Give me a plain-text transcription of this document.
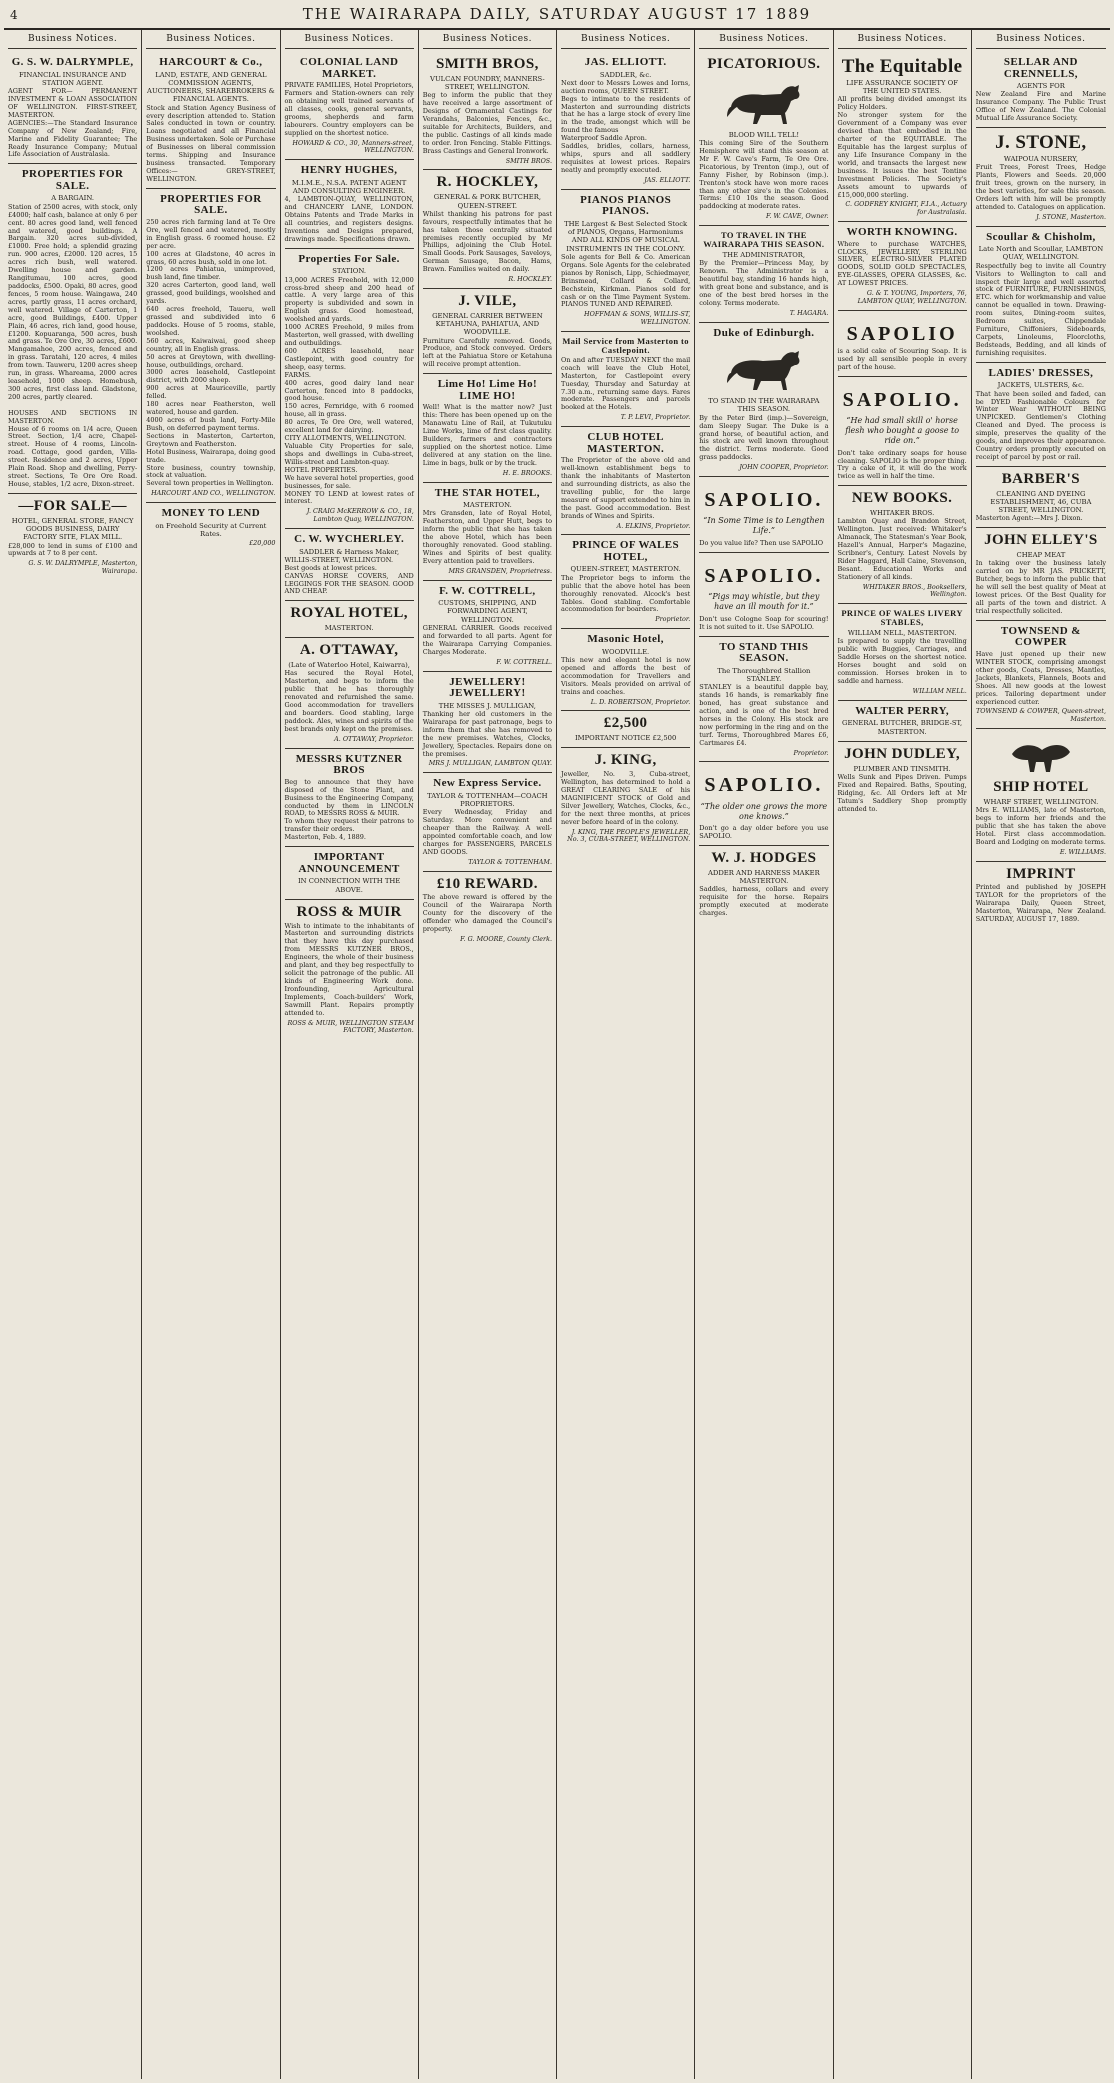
4	THE WAIRARAPA DAILY, SATURDAY AUGUST 17 1889
Business Notices.
G. S. W. DALRYMPLE,
FINANCIAL INSURANCE AND STATION AGENT.
AGENT FOR— PERMANENT INVESTMENT & LOAN ASSOCIATION OF WELLINGTON. FIRST-STREET, MASTERTON.
AGENCIES:—The Standard Insurance Company of New Zealand; Fire, Marine and Fidelity Guarantee; The Ready Insurance Company; Mutual Life Association of Australasia.
PROPERTIES FOR SALE.
A BARGAIN.
Station of 2500 acres, with stock, only £4000; half cash, balance at only 6 per cent. 80 acres good land, well fenced and watered, good buildings. A Bargain. 320 acres sub-divided, £1000. Free hold; a splendid grazing run. 900 acres, £2000. 120 acres, 15 acres rich bush, well watered. Dwelling house and garden. Rangitumau, 100 acres, good paddocks, £500. Opaki, 80 acres, good fences, 5 room house. Waingawa, 240 acres, partly grass, 11 acres orchard, well watered. Village of Carterton, 1 acre, good Buildings, £400. Upper Plain, 46 acres, rich land, good house, £1200. Kopuaranga, 500 acres, bush and grass. Te Ore Ore, 30 acres, £600. Mangamahoe, 200 acres, fenced and in grass. Taratahi, 120 acres, 4 miles from town. Tauweru, 1200 acres sheep run, in grass. Whareama, 2000 acres leasehold, 1000 sheep. Homebush, 300 acres, first class land. Gladstone, 200 acres, partly cleared.

HOUSES AND SECTIONS IN MASTERTON.
House of 6 rooms on 1/4 acre, Queen Street. Section, 1/4 acre, Chapel-street. House of 4 rooms, Lincoln-road. Cottage, good garden, Villa-street. Residence and 2 acres, Upper Plain Road. Shop and dwelling, Perry-street. Sections, Te Ore Ore Road. House, stables, 1/2 acre, Dixon-street.
—FOR SALE—
HOTEL, GENERAL STORE, FANCY GOODS BUSINESS, DAIRY FACTORY SITE, FLAX MILL.
£28,000 to lend in sums of £100 and upwards at 7 to 8 per cent.
G. S. W. DALRYMPLE, Masterton, Wairarapa.
Business Notices.
HARCOURT & Co.,
LAND, ESTATE, AND GENERAL COMMISSION AGENTS, AUCTIONEERS, SHAREBROKERS & FINANCIAL AGENTS.
Stock and Station Agency Business of every description attended to. Station Sales conducted in town or country. Loans negotiated and all Financial Business undertaken. Sole or Purchase of Businesses on liberal commission terms. Shipping and Insurance business transacted. Temporary Offices:— GREY-STREET, WELLINGTON.
PROPERTIES FOR SALE.
250 acres rich farming land at Te Ore Ore, well fenced and watered, mostly in English grass. 6 roomed house. £2 per acre.
100 acres at Gladstone, 40 acres in grass, 60 acres bush, sold in one lot.
1200 acres Pahiatua, unimproved, bush land, fine timber.
320 acres Carterton, good land, well grassed, good buildings, woolshed and yards.
640 acres freehold, Taueru, well grassed and subdivided into 6 paddocks. House of 5 rooms, stable, woolshed.
560 acres, Kaiwaiwai, good sheep country, all in English grass.
50 acres at Greytown, with dwelling-house, outbuildings, orchard.
3000 acres leasehold, Castlepoint district, with 2000 sheep.
900 acres at Mauriceville, partly felled.
180 acres near Featherston, well watered, house and garden.
4000 acres of bush land, Forty-Mile Bush, on deferred payment terms.
Sections in Masterton, Carterton, Greytown and Featherston.
Hotel Business, Wairarapa, doing good trade.
Store business, country township, stock at valuation.
Several town properties in Wellington.
HARCOURT AND CO., WELLINGTON.
MONEY TO LEND
on Freehold Security at Current Rates.
£20,000
Business Notices.
COLONIAL LAND MARKET.
PRIVATE FAMILIES, Hotel Proprietors, Farmers and Station-owners can rely on obtaining well trained servants of all classes, cooks, general servants, grooms, shepherds and farm labourers. Country employers can be supplied on the shortest notice.
HOWARD & CO., 30, Manners-street, WELLINGTON.
HENRY HUGHES,
M.I.M.E., N.S.A. PATENT AGENT AND CONSULTING ENGINEER.
4, LAMBTON-QUAY, WELLINGTON, and CHANCERY LANE, LONDON. Obtains Patents and Trade Marks in all countries, and registers designs. Inventions and Designs prepared, drawings made. Specifications drawn.
Properties For Sale.
STATION.
13,000 ACRES Freehold, with 12,000 cross-bred sheep and 200 head of cattle. A very large area of this property is subdivided and sown in English grass. Good homestead, woolshed and yards.
1000 ACRES Freehold, 9 miles from Masterton, well grassed, with dwelling and outbuildings.
600 ACRES leasehold, near Castlepoint, with good country for sheep, easy terms.
FARMS.
400 acres, good dairy land near Carterton, fenced into 8 paddocks, good house.
150 acres, Fernridge, with 6 roomed house, all in grass.
80 acres, Te Ore Ore, well watered, excellent land for dairying.
CITY ALLOTMENTS, WELLINGTON.
Valuable City Properties for sale, shops and dwellings in Cuba-street, Willis-street and Lambton-quay.
HOTEL PROPERTIES.
We have several hotel properties, good businesses, for sale.
MONEY TO LEND at lowest rates of interest.
J. CRAIG McKERROW & CO., 18, Lambton Quay, WELLINGTON.
C. W. WYCHERLEY.
SADDLER & Harness Maker,
WILLIS-STREET, WELLINGTON.
Best goods at lowest prices.
CANVAS HORSE COVERS, AND LEGGINGS FOR THE SEASON. GOOD AND CHEAP.
ROYAL HOTEL,
MASTERTON.
A. OTTAWAY,
(Late of Waterloo Hotel, Kaiwarra),
Has secured the Royal Hotel, Masterton, and begs to inform the public that he has thoroughly renovated and refurnished the same. Good accommodation for travellers and boarders. Good stabling, large paddock. Ales, wines and spirits of the best brands only kept on the premises.
A. OTTAWAY, Proprietor.
MESSRS KUTZNER BROS
Beg to announce that they have disposed of the Stone Plant, and Business to the Engineering Company, conducted by them in LINCOLN ROAD, to MESSRS ROSS & MUIR.
To whom they request their patrons to transfer their orders.
Masterton, Feb. 4, 1889.
IMPORTANT ANNOUNCEMENT
IN CONNECTION WITH THE ABOVE.
ROSS & MUIR
Wish to intimate to the inhabitants of Masterton and surrounding districts that they have this day purchased from MESSRS KUTZNER BROS., Engineers, the whole of their business and plant, and they beg respectfully to solicit the patronage of the public. All kinds of Engineering Work done. Ironfounding, Agricultural Implements, Coach-builders' Work, Sawmill Plant. Repairs promptly attended to.
ROSS & MUIR, WELLINGTON STEAM FACTORY, Masterton.
Business Notices.
SMITH BROS,
VULCAN FOUNDRY, MANNERS-STREET, WELLINGTON.
Beg to inform the public that they have received a large assortment of Designs of Ornamental Castings for Verandahs, Balconies, Fences, &c., suitable for Architects, Builders, and the public. Castings of all kinds made to order. Iron Fencing. Stable Fittings. Brass Castings and General Ironwork.
SMITH BROS.
R. HOCKLEY,
GENERAL & PORK BUTCHER, QUEEN-STREET.
Whilst thanking his patrons for past favours, respectfully intimates that he has taken those centrally situated premises recently occupied by Mr Phillips, adjoining the Club Hotel. Small Goods. Pork Sausages, Saveloys, German Sausage, Bacon, Hams, Brawn. Families waited on daily.
R. HOCKLEY.
J. VILE,
GENERAL CARRIER BETWEEN KETAHUNA, PAHIATUA, AND WOODVILLE.
Furniture Carefully removed. Goods, Produce, and Stock conveyed. Orders left at the Pahiatua Store or Ketahuna will receive prompt attention.
Lime Ho! Lime Ho! LIME HO!
Well! What is the matter now? Just this: There has been opened up on the Manawatu Line of Rail, at Tukutuku Lime Works, lime of first class quality. Builders, farmers and contractors supplied on the shortest notice. Lime delivered at any station on the line. Lime in bags, bulk or by the truck.
H. E. BROOKS.
THE STAR HOTEL,
MASTERTON.
Mrs Gransden, late of Royal Hotel, Featherston, and Upper Hutt, begs to inform the public that she has taken the above Hotel, which has been thoroughly renovated. Good stabling. Wines and Spirits of best quality. Every attention paid to travellers.
MRS GRANSDEN, Proprietress.
F. W. COTTRELL,
CUSTOMS, SHIPPING, AND FORWARDING AGENT, WELLINGTON.
GENERAL CARRIER. Goods received and forwarded to all parts. Agent for the Wairarapa Carrying Companies. Charges Moderate.
F. W. COTTRELL.
JEWELLERY! JEWELLERY!
THE MISSES J. MULLIGAN,
Thanking her old customers in the Wairarapa for past patronage, begs to inform them that she has removed to the new premises. Watches, Clocks, Jewellery, Spectacles. Repairs done on the premises.
MRS J. MULLIGAN, LAMBTON QUAY.
New Express Service.
TAYLOR & TOTTENHAM—COACH PROPRIETORS.
Every Wednesday, Friday and Saturday. More convenient and cheaper than the Railway. A well-appointed comfortable coach, and low charges for PASSENGERS, PARCELS AND GOODS.
TAYLOR & TOTTENHAM.
£10 REWARD.
The above reward is offered by the Council of the Wairarapa North County for the discovery of the offender who damaged the Council's property.
F. G. MOORE, County Clerk.
Business Notices.
JAS. ELLIOTT.
SADDLER, &c.
Next door to Messrs Lowes and Iorns, auction rooms, QUEEN STREET.
Begs to intimate to the residents of Masterton and surrounding districts that he has a large stock of every line in the trade, amongst which will be found the famous
Waterproof Saddle Apron.
Saddles, bridles, collars, harness, whips, spurs and all saddlery requisites at lowest prices. Repairs neatly and promptly executed.
JAS. ELLIOTT.
PIANOS PIANOS PIANOS.
THE Largest & Best Selected Stock of PIANOS, Organs, Harmoniums AND ALL KINDS OF MUSICAL INSTRUMENTS IN THE COLONY.
Sole agents for Bell & Co. American Organs. Sole Agents for the celebrated pianos by Ronisch, Lipp, Schiedmayer, Brinsmead, Collard & Collard, Bechstein, Kirkman. Pianos sold for cash or on the Time Payment System. PIANOS TUNED AND REPAIRED.
HOFFMAN & SONS, WILLIS-ST, WELLINGTON.
Mail Service from Masterton to Castlepoint.
On and after TUESDAY NEXT the mail coach will leave the Club Hotel, Masterton, for Castlepoint every Tuesday, Thursday and Saturday at 7.30 a.m., returning same days. Fares moderate. Passengers and parcels booked at the Hotels.
T. P. LEVI, Proprietor.
CLUB HOTEL MASTERTON.
The Proprietor of the above old and well-known establishment begs to thank the inhabitants of Masterton and surrounding districts, as also the travelling public, for the large measure of support extended to him in the past. Good accommodation. Best brands of Wines and Spirits.
A. ELKINS, Proprietor.
PRINCE OF WALES HOTEL,
QUEEN-STREET, MASTERTON.
The Proprietor begs to inform the public that the above hotel has been thoroughly renovated. Alcock's best Tables. Good stabling. Comfortable accommodation for boarders.
Proprietor.
Masonic Hotel,
WOODVILLE.
This new and elegant hotel is now opened and affords the best of accommodation for Travellers and Visitors. Meals provided on arrival of trains and coaches.
L. D. ROBERTSON, Proprietor.
£2,500
IMPORTANT NOTICE £2,500
J. KING,
Jeweller, No. 3, Cuba-street, Wellington, has determined to hold a GREAT CLEARING SALE of his MAGNIFICENT STOCK of Gold and Silver Jewellery, Watches, Clocks, &c., for the next three months, at prices never before heard of in the colony.
J. KING, THE PEOPLE'S JEWELLER, No. 3, CUBA-STREET, WELLINGTON.
Business Notices.
PICATORIOUS.
BLOOD WILL TELL!
This coming Sire of the Southern Hemisphere will stand this season at Mr F. W. Cave's Farm, Te Ore Ore. Picatorious, by Trenton (imp.), out of Fanny Fisher, by Robinson (imp.). Trenton's stock have won more races than any other sire's in the Colonies. Terms: £10 10s the season. Good paddocking at moderate rates.
F. W. CAVE, Owner.
TO TRAVEL IN THE WAIRARAPA THIS SEASON.
THE ADMINISTRATOR,
By the Premier—Princess May, by Renown. The Administrator is a beautiful bay, standing 16 hands high, with great bone and substance, and is one of the best bred horses in the colony. Terms moderate.
T. HAGARA.
Duke of Edinburgh.
TO STAND IN THE WAIRARAPA THIS SEASON.
By the Peter Bird (imp.)—Sovereign, dam Sleepy Sugar. The Duke is a grand horse, of beautiful action, and his stock are well known throughout the district. Terms moderate. Good grass paddocks.
JOHN COOPER, Proprietor.
SAPOLIO.
“In Some Time is to Lengthen Life.”
Do you value life? Then use SAPOLIO
SAPOLIO.
“Pigs may whistle, but they have an ill mouth for it.”
Don't use Cologne Soap for scouring! It is not suited to it. Use SAPOLIO.
TO STAND THIS SEASON.
The Thoroughbred Stallion STANLEY.
STANLEY is a beautiful dapple bay, stands 16 hands, is remarkably fine boned, has great substance and action, and is one of the best bred horses in the Colony. His stock are now performing in the ring and on the turf. Terms, Thoroughbred Mares £6, Cartmares £4.
Proprietor.
SAPOLIO.
“The older one grows the more one knows.”
Don't go a day older before you use SAPOLIO.
W. J. HODGES
ADDER AND HARNESS MAKER MASTERTON.
Saddles, harness, collars and every requisite for the horse. Repairs promptly executed at moderate charges.
Business Notices.
The Equitable
LIFE ASSURANCE SOCIETY OF THE UNITED STATES.
All profits being divided amongst its Policy Holders.
No stronger system for the Government of a Company was ever devised than that embodied in the charter of the EQUITABLE. The Equitable has the largest surplus of any Life Insurance Company in the world, and transacts the largest new business. It issues the best Tontine Investment Policies. The Society's Assets amount to upwards of £15,000,000 sterling.
C. GODFREY KNIGHT, F.I.A., Actuary for Australasia.
WORTH KNOWING.
Where to purchase WATCHES, CLOCKS, JEWELLERY, STERLING SILVER, ELECTRO-SILVER PLATED GOODS, SOLID GOLD SPECTACLES, EYE-GLASSES, OPERA GLASSES, &c. AT LOWEST PRICES.
G. & T. YOUNG, Importers, 76, LAMBTON QUAY, WELLINGTON.
SAPOLIO
is a solid cake of Scouring Soap. It is used by all sensible people in every part of the house.
SAPOLIO.
“He had small skill o' horse flesh who bought a goose to ride on.”
Don't take ordinary soaps for house cleaning. SAPOLIO is the proper thing. Try a cake of it, it will do the work twice as well in half the time.
NEW BOOKS.
WHITAKER BROS.
Lambton Quay and Brandon Street, Wellington. Just received: Whitaker's Almanack, The Statesman's Year Book, Hazell's Annual, Harper's Magazine, Scribner's, Century. Latest Novels by Rider Haggard, Hall Caine, Stevenson, Besant. Educational Works and Stationery of all kinds.
WHITAKER BROS., Booksellers, Wellington.
PRINCE OF WALES LIVERY STABLES,
WILLIAM NELL, MASTERTON.
Is prepared to supply the travelling public with Buggies, Carriages, and Saddle Horses on the shortest notice. Horses bought and sold on commission. Horses broken in to saddle and harness.
WILLIAM NELL.
WALTER PERRY,
GENERAL BUTCHER, BRIDGE-ST, MASTERTON.
JOHN DUDLEY,
PLUMBER AND TINSMITH.
Wells Sunk and Pipes Driven. Pumps Fixed and Repaired. Baths, Spouting, Ridging, &c. All Orders left at Mr Tatum's Saddlery Shop promptly attended to.
Business Notices.
SELLAR AND CRENNELLS,
AGENTS FOR
New Zealand Fire and Marine Insurance Company. The Public Trust Office of New Zealand. The Colonial Mutual Life Assurance Society.
J. STONE,
WAIPOUA NURSERY,
Fruit Trees, Forest Trees, Hedge Plants, Flowers and Seeds. 20,000 fruit trees, grown on the nursery, in the best varieties, for sale this season. Orders left with him will be promptly attended to. Catalogues on application.
J. STONE, Masterton.
Scoullar & Chisholm,
Late North and Scoullar, LAMBTON QUAY, WELLINGTON.
Respectfully beg to invite all Country Visitors to Wellington to call and inspect their large and well assorted stock of FURNITURE, FURNISHINGS, ETC. which for workmanship and value cannot be equalled in town. Drawing-room suites, Dining-room suites, Bedroom suites, Chippendale Furniture, Chiffoniers, Sideboards, Carpets, Linoleums, Floorcloths, Bedsteads, Bedding, and all kinds of furnishing requisites.
LADIES' DRESSES,
JACKETS, ULSTERS, &c.
That have been soiled and faded, can be DYED Fashionable Colours for Winter Wear WITHOUT BEING UNPICKED. Gentlemen's Clothing Cleaned and Dyed. The process is simple, preserves the quality of the goods, and improves their appearance. Country orders promptly executed on receipt of parcel by post or rail.
BARBER'S
CLEANING AND DYEING ESTABLISHMENT, 46, CUBA STREET, WELLINGTON.
Masterton Agent:—Mrs J. Dixon.
JOHN ELLEY'S
CHEAP MEAT
In taking over the business lately carried on by MR JAS. PRICKETT, Butcher, begs to inform the public that he will sell the best quality of Meat at lowest prices. Of the Best Quality for all parts of the town and district. A trial respectfully solicited.
TOWNSEND & COWPER
Have just opened up their new WINTER STOCK, comprising amongst other goods, Coats, Dresses, Mantles, Jackets, Blankets, Flannels, Boots and Shoes. All new goods at the lowest prices. Tailoring department under experienced cutter.
TOWNSEND & COWPER, Queen-street, Masterton.
SHIP HOTEL
WHARF STREET, WELLINGTON.
Mrs E. WILLIAMS, late of Masterton, begs to inform her friends and the public that she has taken the above Hotel. First class accommodation. Board and Lodging on moderate terms.
E. WILLIAMS.
IMPRINT
Printed and published by JOSEPH TAYLOR for the proprietors of the Wairarapa Daily, Queen Street, Masterton, Wairarapa, New Zealand. SATURDAY, AUGUST 17, 1889.
